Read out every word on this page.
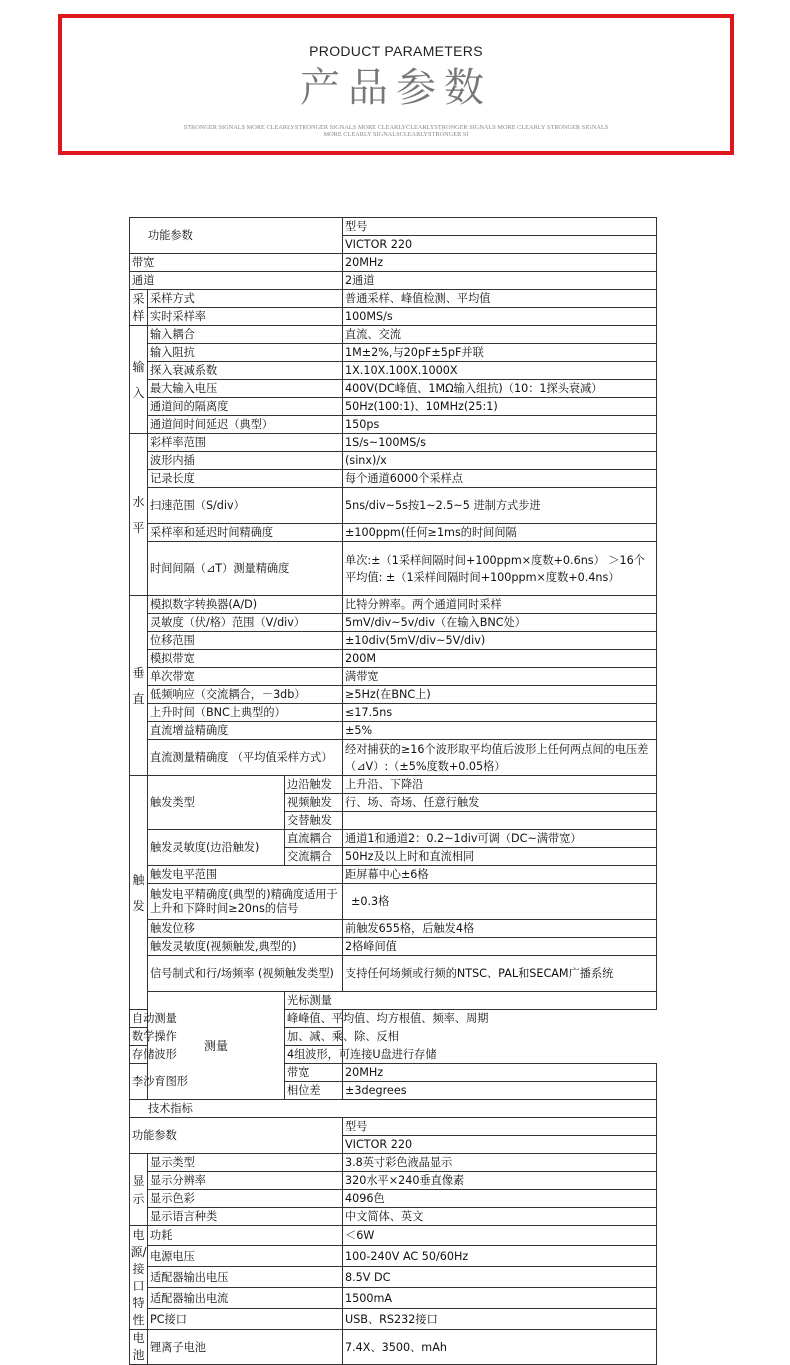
PRODUCT PARAMETERS
产品参数
STRONGER SIGNALS MORE CLEARLYSTRONGER SIGNALS MORE CLEARLYCLEARLYSTRONGER SIGNALS MORE CLEARLY STRONGER SIGNALS MORE CLEARLY SIGNALSCLEARLYSTRONGER SI
功能参数			型号	
			VICTOR 220	
带宽			20MHz	
通道			2通道	
采样	采样方式		普通采样、峰值检测、平均值	
	实时采样率		100MS/s	
输入	输入耦合		直流、交流	
	输入阻抗		1M±2%,与20pF±5pF并联	
	探入衰减系数		1X.10X.100X.1000X	
	最大输入电压		400V(DC峰值、1MΩ输入组抗)（10：1探头衰减）	
	通道间的隔离度		50Hz(100:1)、10MHz(25:1)	
	通道间时间延迟（典型）		150ps	
水平	彩样率范围		1S/s~100MS/s	
	波形内插		(sinx)/x	
	记录长度		每个通道6000个采样点	
	扫速范围（S/div）		5ns/div~5s按1~2.5~5 进制方式步进	
	采样率和延迟时间精确度		±100ppm(任何≥1ms的时间间隔	
	时间间隔（⊿T）测量精确度		单次:±（1采样间隔时间+100ppm×度数+0.6ns） ＞16个平均值: ±（1采样间隔时间+100ppm×度数+0.4ns）	
垂直	模拟数字转换器(A/D)		比特分辨率。两个通道同时采样	
	灵敏度（伏/格）范围（V/div）		5mV/div~5v/div（在输入BNC处）	
	位移范围		±10div(5mV/div~5V/div)	
	模拟带宽		200M	
	单次带宽		满带宽	
	低频响应（交流耦合，－3db）		≥5Hz(在BNC上)	
	上升时间（BNC上典型的）		≤17.5ns	
	直流增益精确度		±5%	
	直流测量精确度 （平均值采样方式）		经对捕获的≥16个波形取平均值后波形上任何两点间的电压差（⊿V）:（±5%度数+0.05格）	
触发	触发类型	边沿触发	上升沿、下降沿	
		视频触发	行、场、奇场、任意行触发	
		交替触发		
	触发灵敏度(边沿触发)	直流耦合	通道1和通道2：0.2~1div可调（DC~满带宽）	
		交流耦合	50Hz及以上时和直流相同	
	触发电平范围		距屏幕中心±6格	
	触发电平精确度(典型的)精确度适用于上升和下降时间≥20ns的信号		±0.3格	
	触发位移		前触发655格，后触发4格	
	触发灵敏度(视频触发,典型的)		2格峰间值	
	信号制式和行/场频率 (视频触发类型)		支持任何场频或行频的NTSC、PAL和SECAM广播系统	
	测量	光标测量	
自动测量		峰峰值、平均值、均方根值、频率、周期		
数学操作		加、减、乘、除、反相		
存储波形		4组波形，可连接U盘进行存储		
李沙育图形		带宽	20MHz	
		相位差	±3degrees	
技术指标				
功能参数			型号	
			VICTOR 220	
显示	显示类型		3.8英寸彩色液晶显示	
	显示分辨率		320水平×240垂直像素	
	显示色彩		4096色	
	显示语言种类		中文简体、英文	
电源/接口特性	功耗		＜6W	
	电源电压		100-240V AC 50/60Hz	
	适配器输出电压		8.5V DC	
	适配器输出电流		1500mA	
	PC接口		USB、RS232接口	
电池	锂离子电池		7.4X、3500、mAh	
